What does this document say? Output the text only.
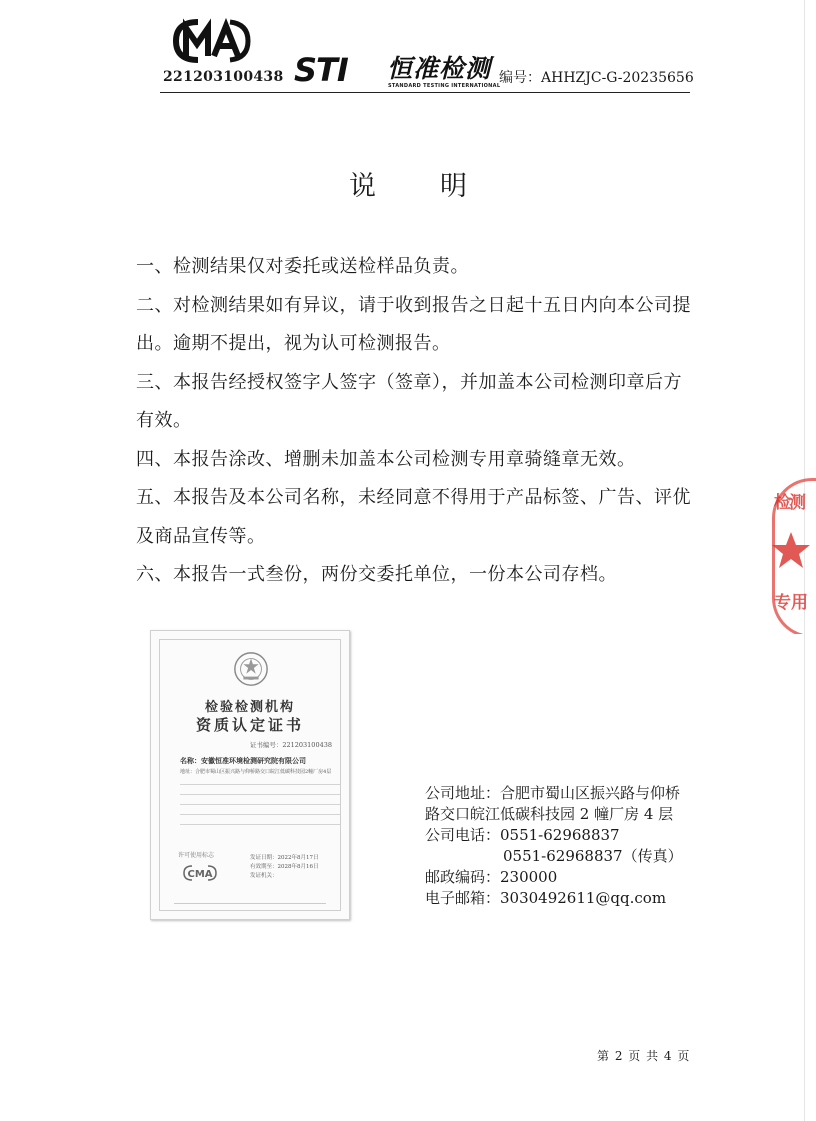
221203100438 STI 恒准检测
STANDARD TESTING INTERNATIONAL
编号：AHHZJC-G-20235656
说明

一、检测结果仅对委托或送检样品负责。

二、对检测结果如有异议，请于收到报告之日起十五日内向本公司提出。逾期不提出，视为认可检测报告。

三、本报告经授权签字人签字（签章），并加盖本公司检测印章后方有效。

四、本报告涂改、增删未加盖本公司检测专用章骑缝章无效。

五、本报告及本公司名称，未经同意不得用于产品标签、广告、评优及商品宣传等。

六、本报告一式叁份，两份交委托单位，一份本公司存档。

检验检测机构
资质认定证书
证书编号：221203100438
名称：安徽恒准环境检测研究院有限公司
地址：合肥市蜀山区振兴路与仰桥路交口皖江低碳科技园2幢厂房4层
许可使用标志
CMA
发证日期：2022年8月17日
有效期至：2028年8月16日
发证机关：
公司地址：合肥市蜀山区振兴路与仰桥路交口皖江低碳科技园 2 幢厂房 4 层
公司电话：0551-62968837
0551-62968837（传真）
邮政编码：230000
电子邮箱：3030492611@qq.com
第 2 页 共 4 页
检测
专用
